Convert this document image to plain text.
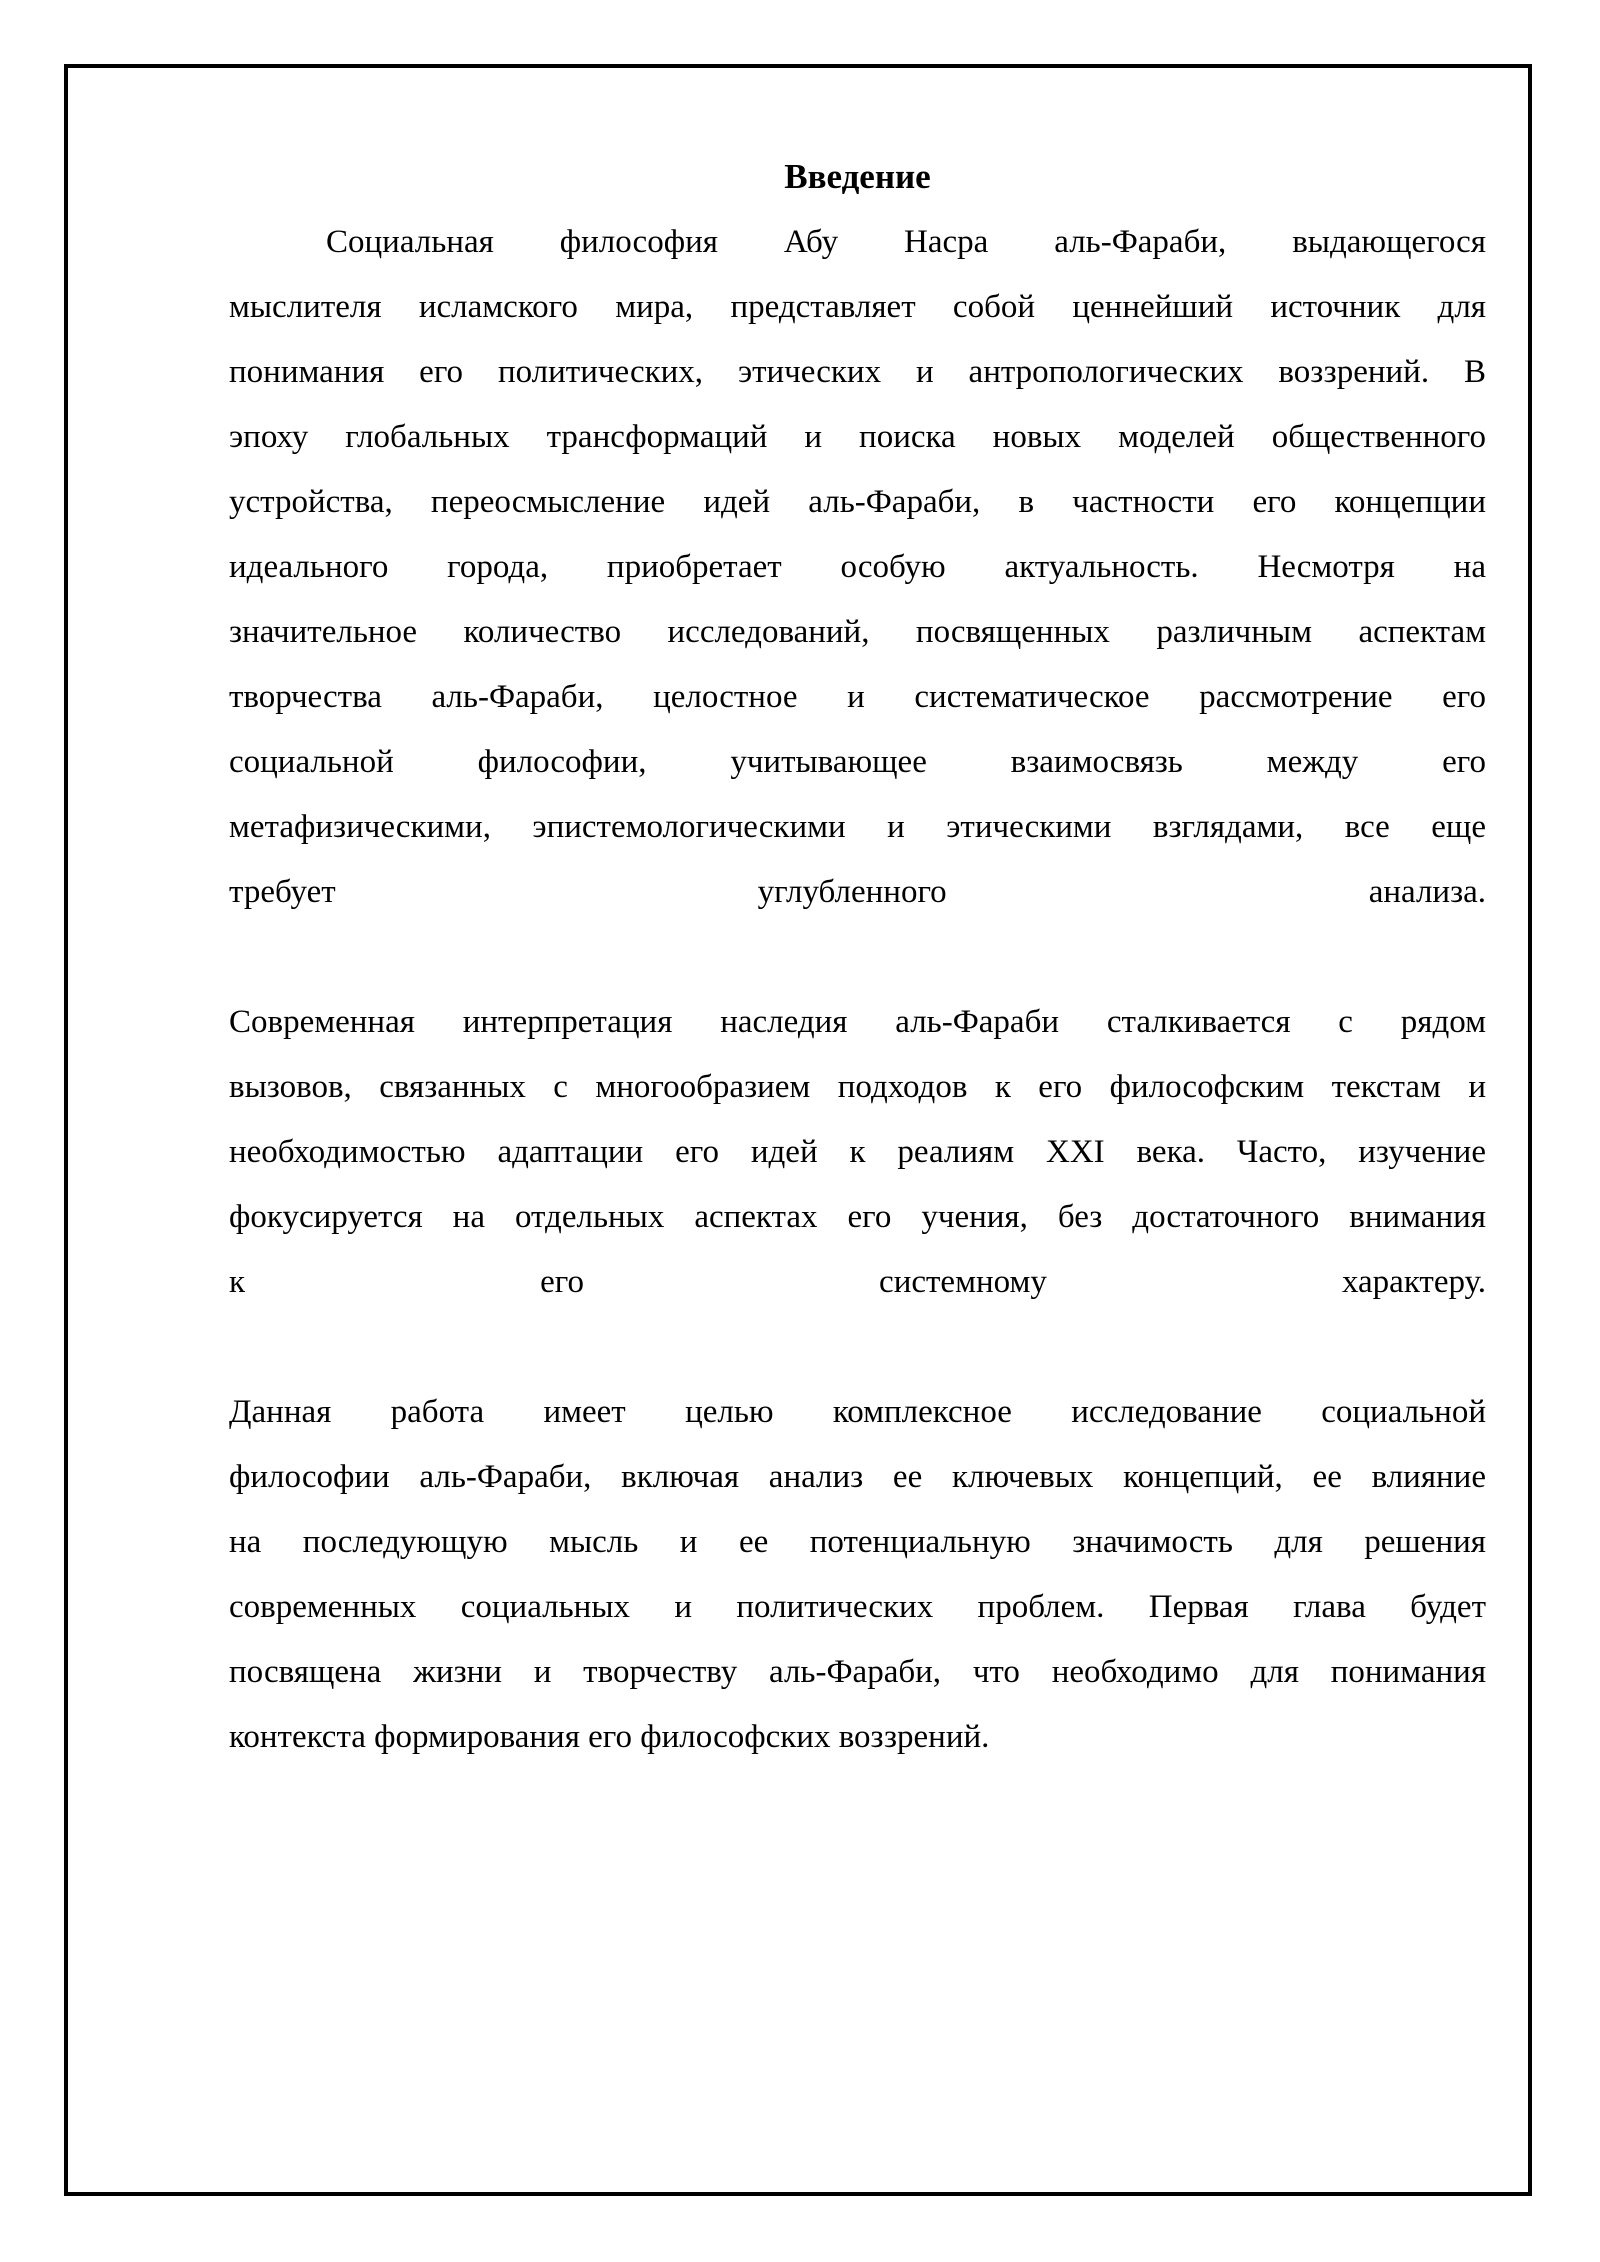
Введение
Социальная философия Абу Насра аль-Фараби, выдающегося
мыслителя исламского мира, представляет собой ценнейший источник для
понимания его политических, этических и антропологических воззрений. В
эпоху глобальных трансформаций и поиска новых моделей общественного
устройства, переосмысление идей аль-Фараби, в частности его концепции
идеального города, приобретает особую актуальность. Несмотря на
значительное количество исследований, посвященных различным аспектам
творчества аль-Фараби, целостное и систематическое рассмотрение его
социальной философии, учитывающее взаимосвязь между его
метафизическими, эпистемологическими и этическими взглядами, все еще
требует углубленного анализа.
Современная интерпретация наследия аль-Фараби сталкивается с рядом
вызовов, связанных с многообразием подходов к его философским текстам и
необходимостью адаптации его идей к реалиям XXI века. Часто, изучение
фокусируется на отдельных аспектах его учения, без достаточного внимания
к его системному характеру.
Данная работа имеет целью комплексное исследование социальной
философии аль-Фараби, включая анализ ее ключевых концепций, ее влияние
на последующую мысль и ее потенциальную значимость для решения
современных социальных и политических проблем. Первая глава будет
посвящена жизни и творчеству аль-Фараби, что необходимо для понимания
контекста формирования его философских воззрений.
